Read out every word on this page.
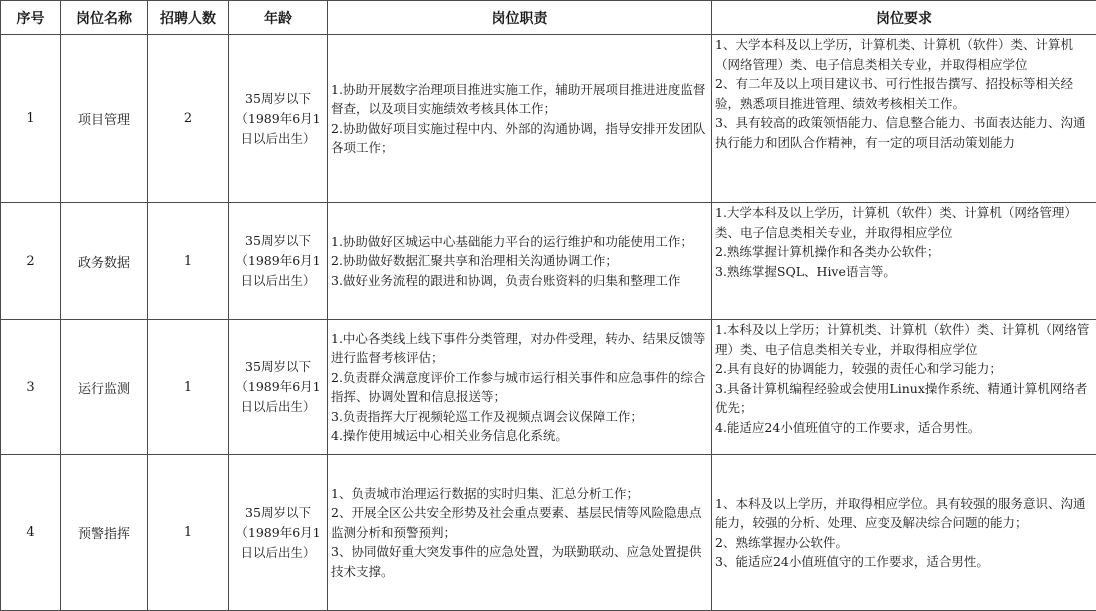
序号	岗位名称	招聘人数	年龄	岗位职责	岗位要求
1	项目管理	2	35周岁以下
（1989年6月1
日以后出生）	1.协助开展数字治理项目推进实施工作，辅助开展项目推进进度监督督查，以及项目实施绩效考核具体工作；
2.协助做好项目实施过程中内、外部的沟通协调，指导安排开发团队各项工作；	1、大学本科及以上学历，计算机类、计算机（软件）类、计算机（网络管理）类、电子信息类相关专业，并取得相应学位
2、有二年及以上项目建议书、可行性报告撰写、招投标等相关经验，熟悉项目推进管理、绩效考核相关工作。
3、具有较高的政策领悟能力、信息整合能力、书面表达能力、沟通执行能力和团队合作精神，有一定的项目活动策划能力

2	政务数据	1	35周岁以下
（1989年6月1
日以后出生）	1.协助做好区城运中心基础能力平台的运行维护和功能使用工作；
2.协助做好数据汇聚共享和治理相关沟通协调工作；
3.做好业务流程的跟进和协调，负责台账资料的归集和整理工作	1.大学本科及以上学历，计算机（软件）类、计算机（网络管理）类、电子信息类相关专业，并取得相应学位
2.熟练掌握计算机操作和各类办公软件；
3.熟练掌握SQL、Hive语言等。

3	运行监测	1	35周岁以下
（1989年6月1
日以后出生）	1.中心各类线上线下事件分类管理，对办件受理，转办、结果反馈等进行监督考核评估；
2.负责群众满意度评价工作参与城市运行相关事件和应急事件的综合指挥、协调处置和信息报送等；
3.负责指挥大厅视频轮巡工作及视频点调会议保障工作；
4.操作使用城运中心相关业务信息化系统。	1.本科及以上学历；计算机类、计算机（软件）类、计算机（网络管理）类、电子信息类相关专业，并取得相应学位
2.具有良好的协调能力，较强的责任心和学习能力；
3.具备计算机编程经验或会使用Linux操作系统、精通计算机网络者优先；
4.能适应24小值班值守的工作要求，适合男性。

4	预警指挥	1	35周岁以下
（1989年6月1
日以后出生）	1、负责城市治理运行数据的实时归集、汇总分析工作；
2、开展全区公共安全形势及社会重点要素、基层民情等风险隐患点监测分析和预警预判；
3、协同做好重大突发事件的应急处置，为联勤联动、应急处置提供技术支撑。	1、本科及以上学历，并取得相应学位。具有较强的服务意识、沟通能力，较强的分析、处理、应变及解决综合问题的能力；
2、熟练掌握办公软件。
3、能适应24小值班值守的工作要求，适合男性。
